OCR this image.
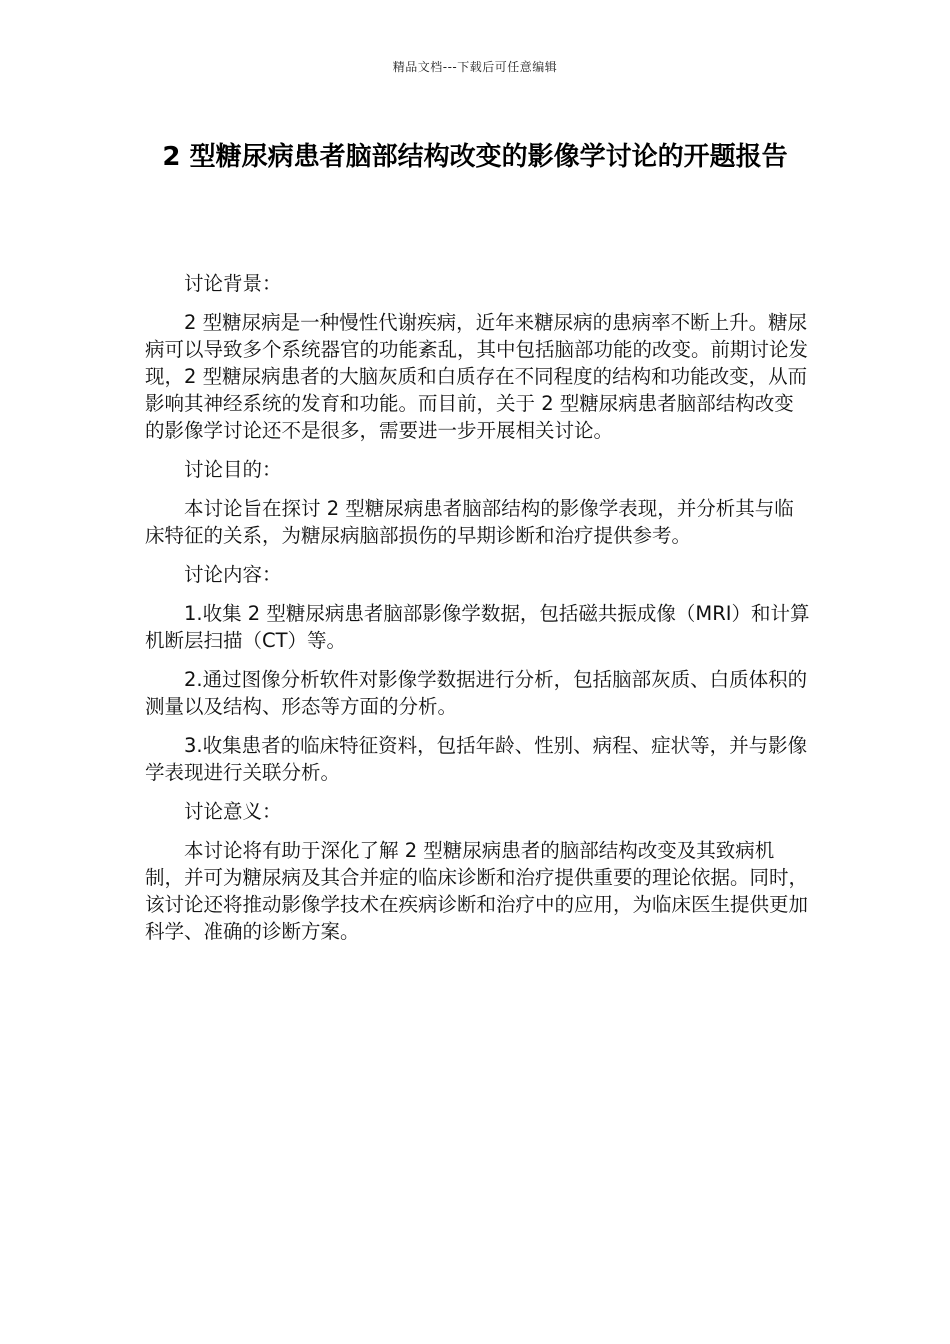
精品文档---下载后可任意编辑
2 型糖尿病患者脑部结构改变的影像学讨论的开题报告

讨论背景：

2 型糖尿病是一种慢性代谢疾病，近年来糖尿病的患病率不断上升。糖尿病可以导致多个系统器官的功能紊乱，其中包括脑部功能的改变。前期讨论发现，2 型糖尿病患者的大脑灰质和白质存在不同程度的结构和功能改变，从而影响其神经系统的发育和功能。而目前，关于 2 型糖尿病患者脑部结构改变的影像学讨论还不是很多，需要进一步开展相关讨论。

讨论目的：

本讨论旨在探讨 2 型糖尿病患者脑部结构的影像学表现，并分析其与临床特征的关系，为糖尿病脑部损伤的早期诊断和治疗提供参考。

讨论内容：

1.收集 2 型糖尿病患者脑部影像学数据，包括磁共振成像（MRI）和计算机断层扫描（CT）等。

2.通过图像分析软件对影像学数据进行分析，包括脑部灰质、白质体积的测量以及结构、形态等方面的分析。

3.收集患者的临床特征资料，包括年龄、性别、病程、症状等，并与影像学表现进行关联分析。

讨论意义：

本讨论将有助于深化了解 2 型糖尿病患者的脑部结构改变及其致病机制，并可为糖尿病及其合并症的临床诊断和治疗提供重要的理论依据。同时，该讨论还将推动影像学技术在疾病诊断和治疗中的应用，为临床医生提供更加科学、准确的诊断方案。
